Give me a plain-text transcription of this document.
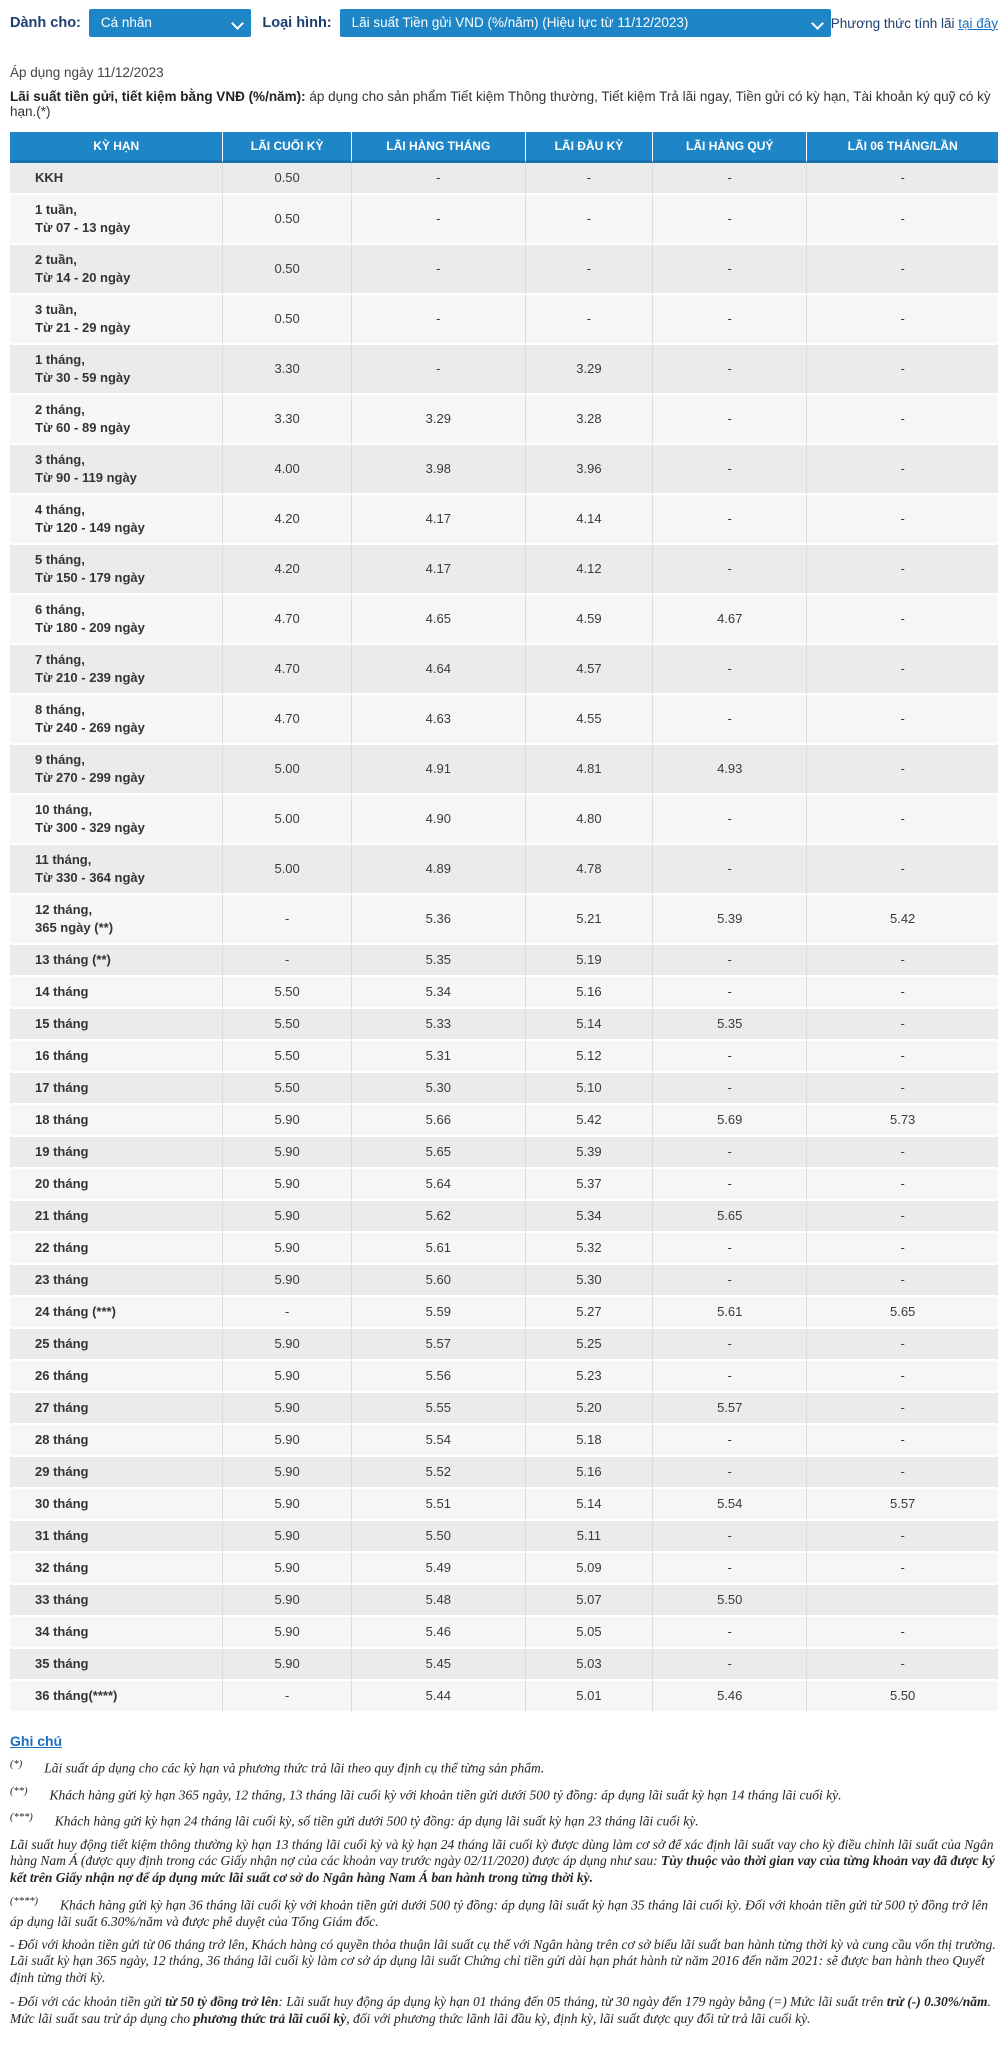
Dành cho:	Cá nhân	Loại hình:	Lãi suất Tiền gửi VND (%/năm) (Hiệu lực từ 11/12/2023)	Phương thức tính lãi tại đây
Áp dụng ngày 11/12/2023

Lãi suất tiền gửi, tiết kiệm bằng VNĐ (%/năm): áp dụng cho sản phẩm Tiết kiệm Thông thường, Tiết kiệm Trả lãi ngay, Tiền gửi có kỳ hạn, Tài khoản ký quỹ có kỳ hạn.(*)

KỲ HẠN	LÃI CUỐI KỲ	LÃI HÀNG THÁNG	LÃI ĐẦU KỲ	LÃI HÀNG QUÝ	LÃI 06 THÁNG/LẦN
KKH	0.50	-	-	-	-
1 tuần,
Từ 07 - 13 ngày	0.50	-	-	-	-
2 tuần,
Từ 14 - 20 ngày	0.50	-	-	-	-
3 tuần,
Từ 21 - 29 ngày	0.50	-	-	-	-
1 tháng,
Từ 30 - 59 ngày	3.30	-	3.29	-	-
2 tháng,
Từ 60 - 89 ngày	3.30	3.29	3.28	-	-
3 tháng,
Từ 90 - 119 ngày	4.00	3.98	3.96	-	-
4 tháng,
Từ 120 - 149 ngày	4.20	4.17	4.14	-	-
5 tháng,
Từ 150 - 179 ngày	4.20	4.17	4.12	-	-
6 tháng,
Từ 180 - 209 ngày	4.70	4.65	4.59	4.67	-
7 tháng,
Từ 210 - 239 ngày	4.70	4.64	4.57	-	-
8 tháng,
Từ 240 - 269 ngày	4.70	4.63	4.55	-	-
9 tháng,
Từ 270 - 299 ngày	5.00	4.91	4.81	4.93	-
10 tháng,
Từ 300 - 329 ngày	5.00	4.90	4.80	-	-
11 tháng,
Từ 330 - 364 ngày	5.00	4.89	4.78	-	-
12 tháng,
365 ngày (**)	-	5.36	5.21	5.39	5.42
13 tháng (**)	-	5.35	5.19	-	-
14 tháng	5.50	5.34	5.16	-	-
15 tháng	5.50	5.33	5.14	5.35	-
16 tháng	5.50	5.31	5.12	-	-
17 tháng	5.50	5.30	5.10	-	-
18 tháng	5.90	5.66	5.42	5.69	5.73
19 tháng	5.90	5.65	5.39	-	-
20 tháng	5.90	5.64	5.37	-	-
21 tháng	5.90	5.62	5.34	5.65	-
22 tháng	5.90	5.61	5.32	-	-
23 tháng	5.90	5.60	5.30	-	-
24 tháng (***)	-	5.59	5.27	5.61	5.65
25 tháng	5.90	5.57	5.25	-	-
26 tháng	5.90	5.56	5.23	-	-
27 tháng	5.90	5.55	5.20	5.57	-
28 tháng	5.90	5.54	5.18	-	-
29 tháng	5.90	5.52	5.16	-	-
30 tháng	5.90	5.51	5.14	5.54	5.57
31 tháng	5.90	5.50	5.11	-	-
32 tháng	5.90	5.49	5.09	-	-
33 tháng	5.90	5.48	5.07	5.50	
34 tháng	5.90	5.46	5.05	-	-
35 tháng	5.90	5.45	5.03	-	-
36 tháng(****)	-	5.44	5.01	5.46	5.50
Ghi chú

(*) Lãi suất áp dụng cho các kỳ hạn và phương thức trả lãi theo quy định cụ thể từng sản phẩm.

(**) Khách hàng gửi kỳ hạn 365 ngày, 12 tháng, 13 tháng lãi cuối kỳ với khoản tiền gửi dưới 500 tỷ đồng: áp dụng lãi suất kỳ hạn 14 tháng lãi cuối kỳ.

(***) Khách hàng gửi kỳ hạn 24 tháng lãi cuối kỳ, số tiền gửi dưới 500 tỷ đồng: áp dụng lãi suất kỳ hạn 23 tháng lãi cuối kỳ.

Lãi suất huy động tiết kiệm thông thường kỳ hạn 13 tháng lãi cuối kỳ và kỳ hạn 24 tháng lãi cuối kỳ được dùng làm cơ sở để xác định lãi suất vay cho kỳ điều chỉnh lãi suất của Ngân hàng Nam Á (được quy định trong các Giấy nhận nợ của các khoản vay trước ngày 02/11/2020) được áp dụng như sau: Tùy thuộc vào thời gian vay của từng khoản vay đã được ký kết trên Giấy nhận nợ để áp dụng mức lãi suất cơ sở do Ngân hàng Nam Á ban hành trong từng thời kỳ.

(****) Khách hàng gửi kỳ hạn 36 tháng lãi cuối kỳ với khoản tiền gửi dưới 500 tỷ đồng: áp dụng lãi suất kỳ hạn 35 tháng lãi cuối kỳ. Đối với khoản tiền gửi từ 500 tỷ đồng trở lên áp dụng lãi suất 6.30%/năm và được phê duyệt của Tổng Giám đốc.

- Đối với khoản tiền gửi từ 06 tháng trở lên, Khách hàng có quyền thỏa thuận lãi suất cụ thể với Ngân hàng trên cơ sở biểu lãi suất ban hành từng thời kỳ và cung cầu vốn thị trường. Lãi suất kỳ hạn 365 ngày, 12 tháng, 36 tháng lãi cuối kỳ làm cơ sở áp dụng lãi suất Chứng chỉ tiền gửi dài hạn phát hành từ năm 2016 đến năm 2021: sẽ được ban hành theo Quyết định từng thời kỳ.

- Đối với các khoản tiền gửi từ 50 tỷ đồng trở lên: Lãi suất huy động áp dụng kỳ hạn 01 tháng đến 05 tháng, từ 30 ngày đến 179 ngày bằng (=) Mức lãi suất trên trừ (-) 0.30%/năm. Mức lãi suất sau trừ áp dụng cho phương thức trả lãi cuối kỳ, đối với phương thức lãnh lãi đầu kỳ, định kỳ, lãi suất được quy đổi từ trả lãi cuối kỳ.
